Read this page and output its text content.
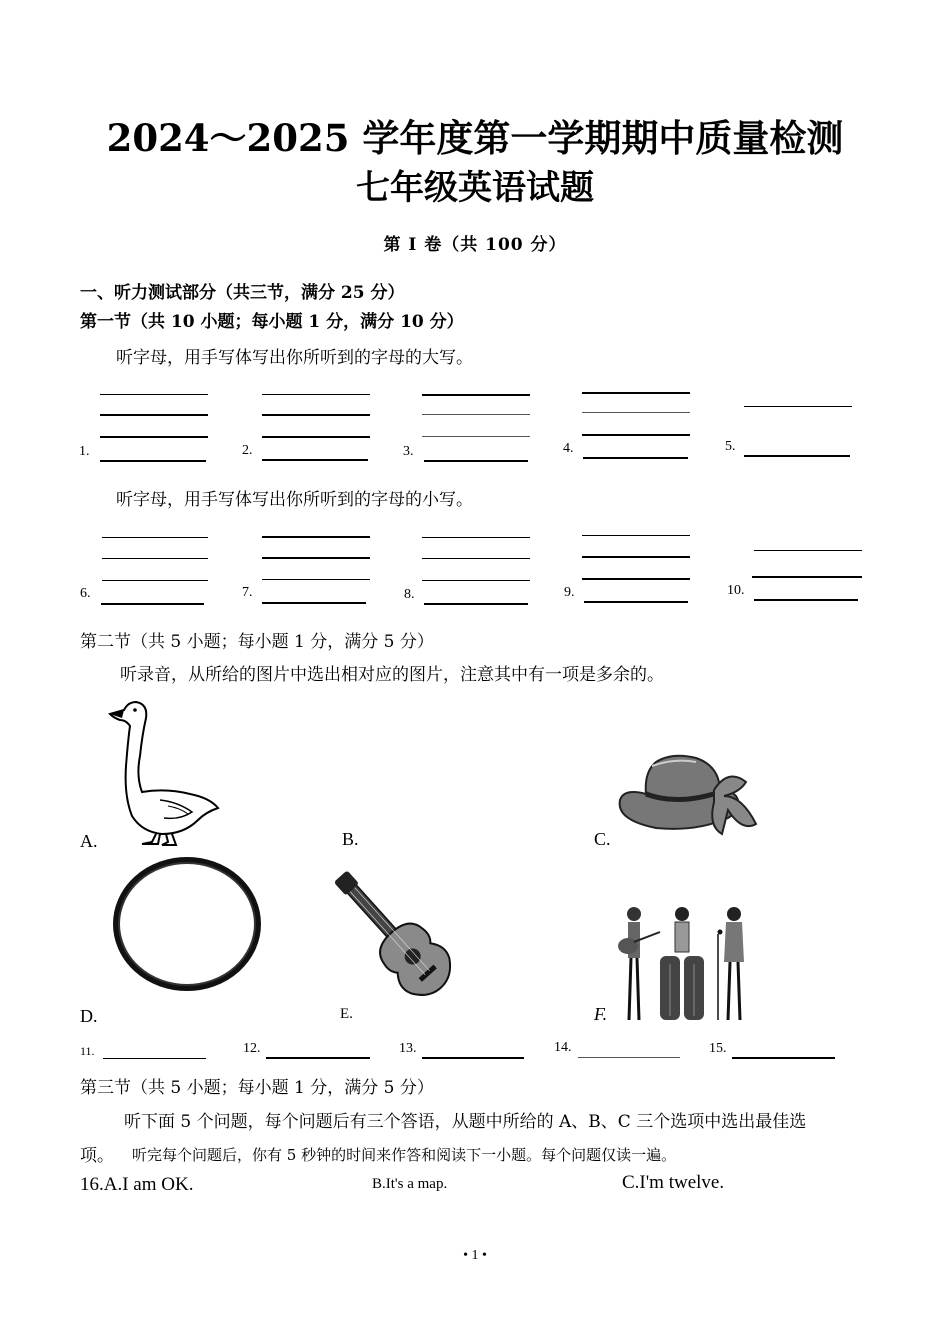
2024～2025 学年度第一学期期中质量检测
七年级英语试题
第 I 卷（共 100 分）
一、听力测试部分（共三节，满分 25 分）
第一节（共 10 小题；每小题 1 分，满分 10 分）
听字母，用手写体写出你所听到的字母的大写。
1.	2.	3.	4.	5.
听字母，用手写体写出你所听到的字母的小写。
6.	7.	8.	9.	10.
第二节（共 5 小题；每小题 1 分，满分 5 分）
听录音，从所给的图片中选出相对应的图片，注意其中有一项是多余的。
A.	B.	C.
D.	E.	F.
11.	12.	13.	14.	15.
第三节（共 5 小题；每小题 1 分，满分 5 分）
听下面 5 个问题，每个问题后有三个答语，从题中所给的 A、B、C 三个选项中选出最佳选
项。 听完每个问题后，你有 5 秒钟的时间来作答和阅读下一小题。每个问题仅读一遍。
16.A.I am OK.	B.It's a map.	C.I'm twelve.
• 1 •
